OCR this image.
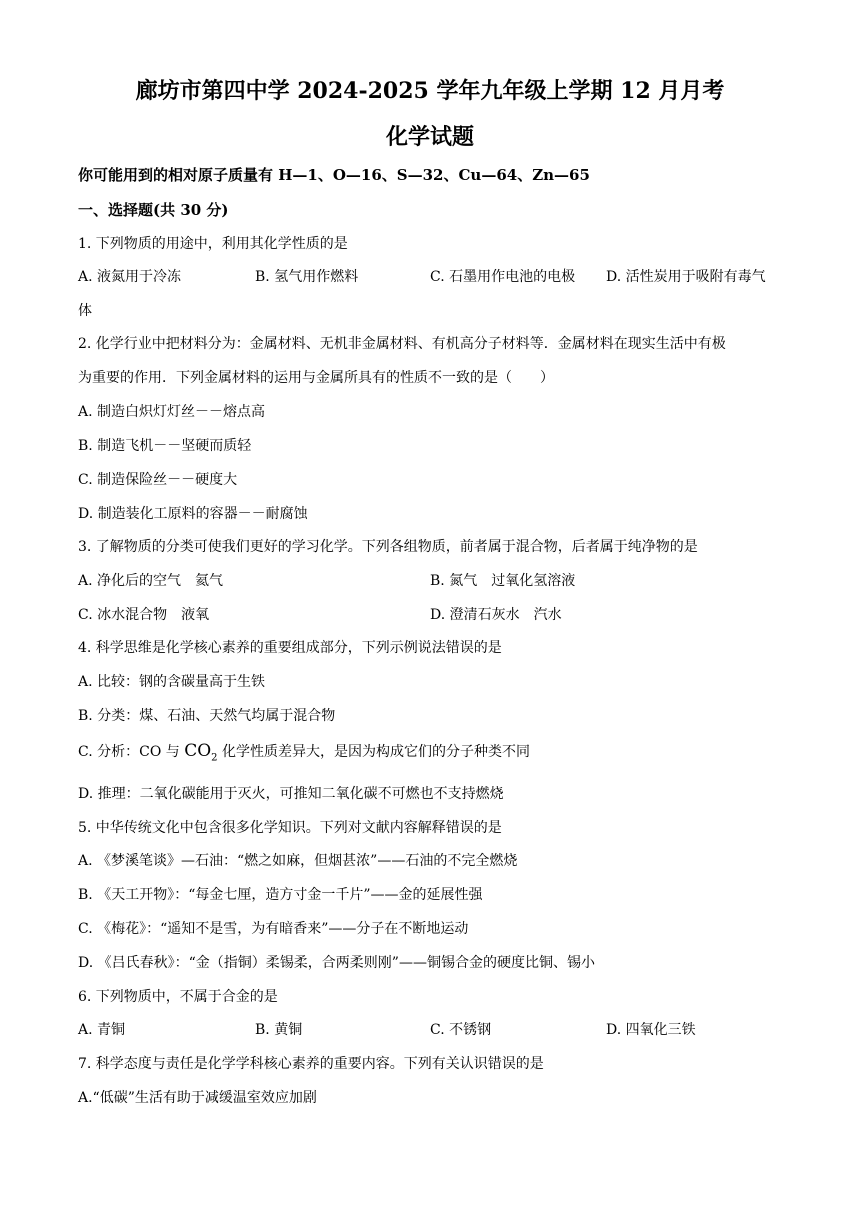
廊坊市第四中学 2024-2025 学年九年级上学期 12 月月考
化学试题
你可能用到的相对原子质量有 H—1、O—16、S—32、Cu—64、Zn—65
一、选择题(共 30 分)
1. 下列物质的用途中，利用其化学性质的是
A. 液氮用于冷冻	B. 氢气用作燃料	C. 石墨用作电池的电极 D. 活性炭用于吸附有毒气
体
2. 化学行业中把材料分为：金属材料、无机非金属材料、有机高分子材料等．金属材料在现实生活中有极
为重要的作用．下列金属材料的运用与金属所具有的性质不一致的是（　　）
A. 制造白炽灯灯丝－－熔点高
B. 制造飞机－－坚硬而质轻
C. 制造保险丝－－硬度大
D. 制造装化工原料的容器－－耐腐蚀
3. 了解物质的分类可使我们更好的学习化学。下列各组物质，前者属于混合物，后者属于纯净物的是
A. 净化后的空气　氦气	B. 氮气　过氧化氢溶液
C. 冰水混合物　液氧	D. 澄清石灰水　汽水
4. 科学思维是化学核心素养的重要组成部分，下列示例说法错误的是
A. 比较：钢的含碳量高于生铁
B. 分类：煤、石油、天然气均属于混合物
C. 分析：CO 与 $CO_2$ 化学性质差异大，是因为构成它们的分子种类不同
D. 推理：二氧化碳能用于灭火，可推知二氧化碳不可燃也不支持燃烧
5. 中华传统文化中包含很多化学知识。下列对文献内容解释错误的是
A. 《梦溪笔谈》—石油：“燃之如麻，但烟甚浓”——石油的不完全燃烧
B. 《天工开物》：“每金七厘，造方寸金一千片”——金的延展性强
C. 《梅花》：“遥知不是雪，为有暗香来”——分子在不断地运动
D. 《吕氏春秋》：“金（指铜）柔锡柔，合两柔则刚”——铜锡合金的硬度比铜、锡小
6. 下列物质中，不属于合金的是
A. 青铜	B. 黄铜	C. 不锈钢	D. 四氧化三铁
7. 科学态度与责任是化学学科核心素养的重要内容。下列有关认识错误的是
A.“低碳”生活有助于减缓温室效应加剧
